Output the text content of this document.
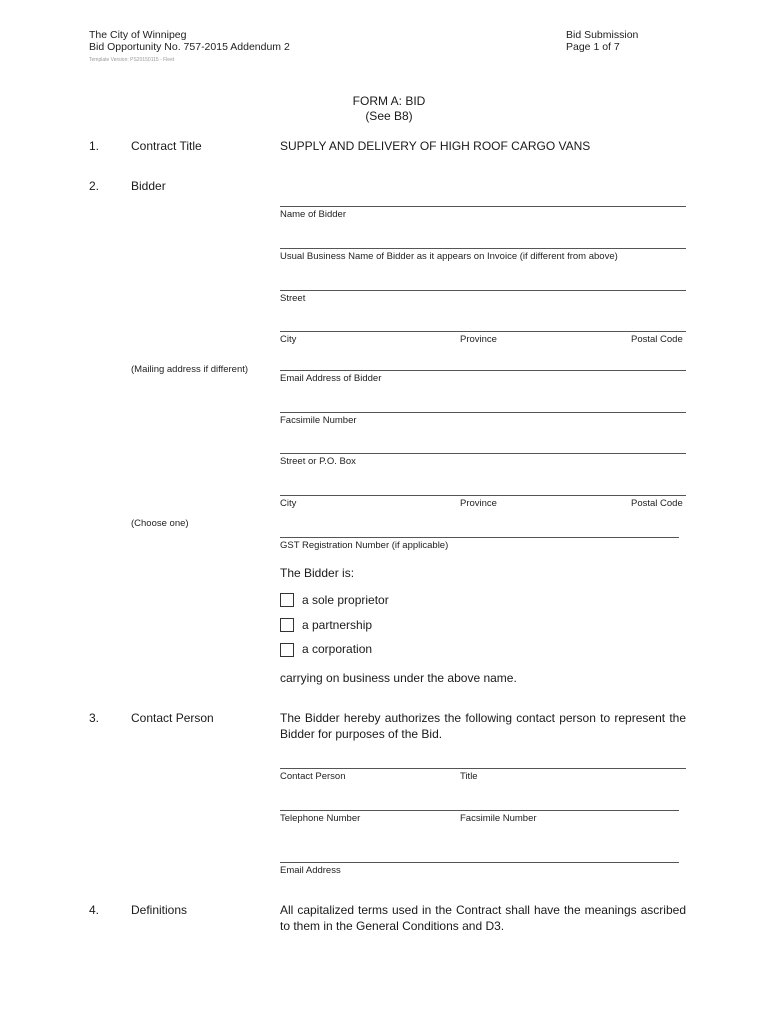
The City of Winnipeg
Bid Opportunity No. 757-2015 Addendum 2
Template Version: PS20150115 - Fleet
Bid Submission
Page 1 of 7
FORM A: BID
(See B8)
1.	Contract Title	SUPPLY AND DELIVERY OF HIGH ROOF CARGO VANS
2.	Bidder
Name of Bidder
Usual Business Name of Bidder as it appears on Invoice (if different from above)
Street
City	Province	Postal Code
(Mailing address if different)
Email Address of Bidder
Facsimile Number
Street or P.O. Box
City	Province	Postal Code
(Choose one)
GST Registration Number (if applicable)
The Bidder is:
a sole proprietor
a partnership
a corporation
carrying on business under the above name.
3.	Contact Person	The Bidder hereby authorizes the following contact person to represent the Bidder for purposes of the Bid.
Contact Person	Title
Telephone Number	Facsimile Number
Email Address
4.	Definitions	All capitalized terms used in the Contract shall have the meanings ascribed to them in the General Conditions and D3.
